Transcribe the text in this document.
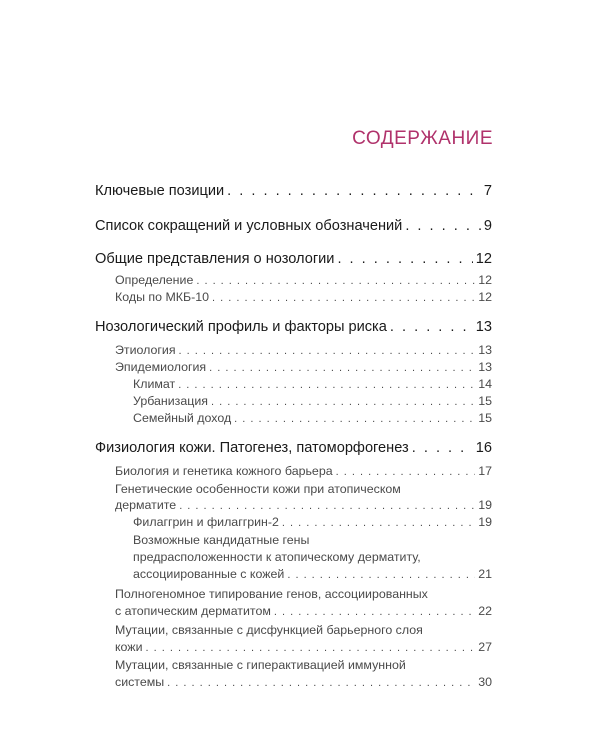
СОДЕРЖАНИЕ
Ключевые позиции . . .	7
Список сокращений и условных обозначений . . .	9
Общие представления о нозологии . . .	12
Определение . . .	12
Коды по МКБ-10 . . .	12
Нозологический профиль и факторы риска . . .	13
Этиология . . .	13
Эпидемиология . . .	13
Климат . . .	14
Урбанизация . . .	15
Семейный доход . . .	15
Физиология кожи. Патогенез, патоморфогенез . . .	16
Биология и генетика кожного барьера . . .	17
Генетические особенности кожи при атопическом
дерматите . . .	19
Филаггрин и филаггрин-2 . . .	19
Возможные кандидатные гены
предрасположенности к атопическому дерматиту,
ассоциированные с кожей . . .	21
Полногеномное типирование генов, ассоциированных
с атопическим дерматитом . . .	22
Мутации, связанные с дисфункцией барьерного слоя
кожи . . .	27
Мутации, связанные с гиперактивацией иммунной
системы . . .	30
